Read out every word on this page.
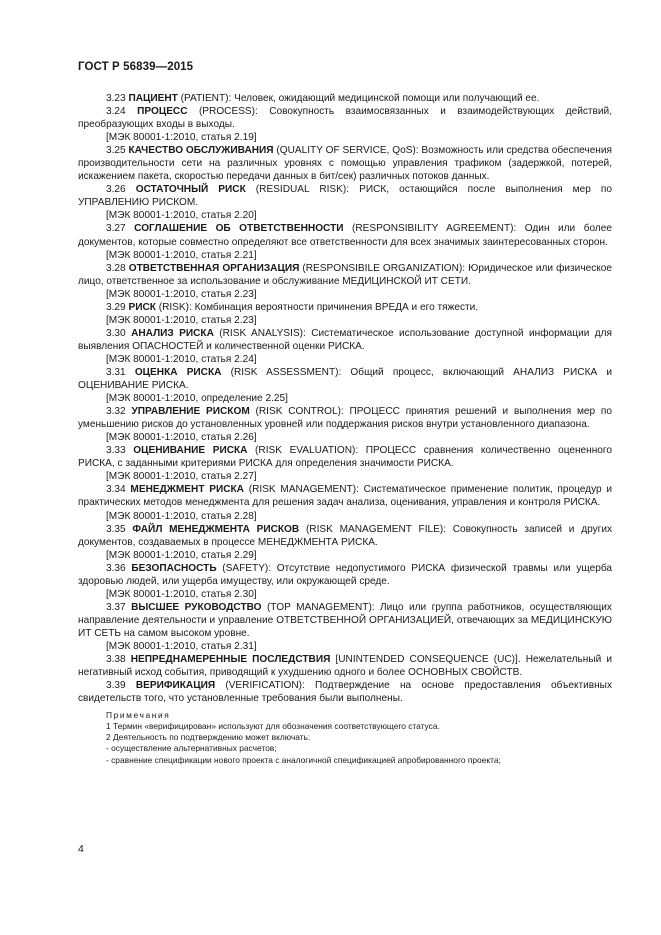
ГОСТ Р 56839—2015

3.23 ПАЦИЕНТ (PATIENT): Человек, ожидающий медицинской помощи или получающий ее.

3.24 ПРОЦЕСС (PROCESS): Совокупность взаимосвязанных и взаимодействующих действий, преобразующих входы в выходы.

[МЭК 80001-1:2010, статья 2.19]

3.25 КАЧЕСТВО ОБСЛУЖИВАНИЯ (QUALITY OF SERVICE, QoS): Возможность или средства обеспечения производительности сети на различных уровнях с помощью управления трафиком (задержкой, потерей, искажением пакета, скоростью передачи данных в бит/сек) различных потоков данных.

3.26 ОСТАТОЧНЫЙ РИСК (RESIDUAL RISK): РИСК, остающийся после выполнения мер по УПРАВЛЕНИЮ РИСКОМ.

[МЭК 80001-1:2010, статья 2.20]

3.27 СОГЛАШЕНИЕ ОБ ОТВЕТСТВЕННОСТИ (RESPONSIBILITY AGREEMENT): Один или более документов, которые совместно определяют все ответственности для всех значимых заинтересованных сторон.

[МЭК 80001-1:2010, статья 2.21]

3.28 ОТВЕТСТВЕННАЯ ОРГАНИЗАЦИЯ (RESPONSIBILE ORGANIZATION): Юридическое или физическое лицо, ответственное за использование и обслуживание МЕДИЦИНСКОЙ ИТ СЕТИ.

[МЭК 80001-1:2010, статья 2.23]

3.29 РИСК (RISK): Комбинация вероятности причинения ВРЕДА и его тяжести.

[МЭК 80001-1:2010, статья 2.23]

3.30 АНАЛИЗ РИСКА (RISK ANALYSIS): Систематическое использование доступной информации для выявления ОПАСНОСТЕЙ и количественной оценки РИСКА.

[МЭК 80001-1:2010, статья 2.24]

3.31 ОЦЕНКА РИСКА (RISK ASSESSMENT): Общий процесс, включающий АНАЛИЗ РИСКА и ОЦЕНИВАНИЕ РИСКА.

[МЭК 80001-1:2010, определение 2.25]

3.32 УПРАВЛЕНИЕ РИСКОМ (RISK CONTROL): ПРОЦЕСС принятия решений и выполнения мер по уменьшению рисков до установленных уровней или поддержания рисков внутри установленного диапазона.

[МЭК 80001-1:2010, статья 2.26]

3.33 ОЦЕНИВАНИЕ РИСКА (RISK EVALUATION): ПРОЦЕСС сравнения количественно оцененного РИСКА, с заданными критериями РИСКА для определения значимости РИСКА.

[МЭК 80001-1:2010, статья 2.27]

3.34 МЕНЕДЖМЕНТ РИСКА (RISK MANAGEMENT): Систематическое применение политик, процедур и практических методов менеджмента для решения задач анализа, оценивания, управления и контроля РИСКА.

[МЭК 80001-1:2010, статья 2.28]

3.35 ФАЙЛ МЕНЕДЖМЕНТА РИСКОВ (RISK MANAGEMENT FILE): Совокупность записей и других документов, создаваемых в процессе МЕНЕДЖМЕНТА РИСКА.

[МЭК 80001-1:2010, статья 2.29]

3.36 БЕЗОПАСНОСТЬ (SAFETY): Отсутствие недопустимого РИСКА физической травмы или ущерба здоровью людей, или ущерба имуществу, или окружающей среде.

[МЭК 80001-1:2010, статья 2.30]

3.37 ВЫСШЕЕ РУКОВОДСТВО (TOP MANAGEMENT): Лицо или группа работников, осуществляющих направление деятельности и управление ОТВЕТСТВЕННОЙ ОРГАНИЗАЦИЕЙ, отвечающих за МЕДИЦИНСКУЮ ИТ СЕТЬ на самом высоком уровне.

[МЭК 80001-1:2010, статья 2.31]

3.38 НЕПРЕДНАМЕРЕННЫЕ ПОСЛЕДСТВИЯ [UNINTENDED CONSEQUENCE (UC)]. Нежелательный и негативный исход события, приводящий к ухудшению одного и более ОСНОВНЫХ СВОЙСТВ.

3.39 ВЕРИФИКАЦИЯ (VERIFICATION): Подтверждение на основе предоставления объективных свидетельств того, что установленные требования были выполнены.

Примечания

1 Термин «верифицирован» используют для обозначения соответствующего статуса.

2 Деятельность по подтверждению может включать:

- осуществление альтернативных расчетов;

- сравнение спецификации нового проекта с аналогичной спецификацией апробированного проекта;

4
